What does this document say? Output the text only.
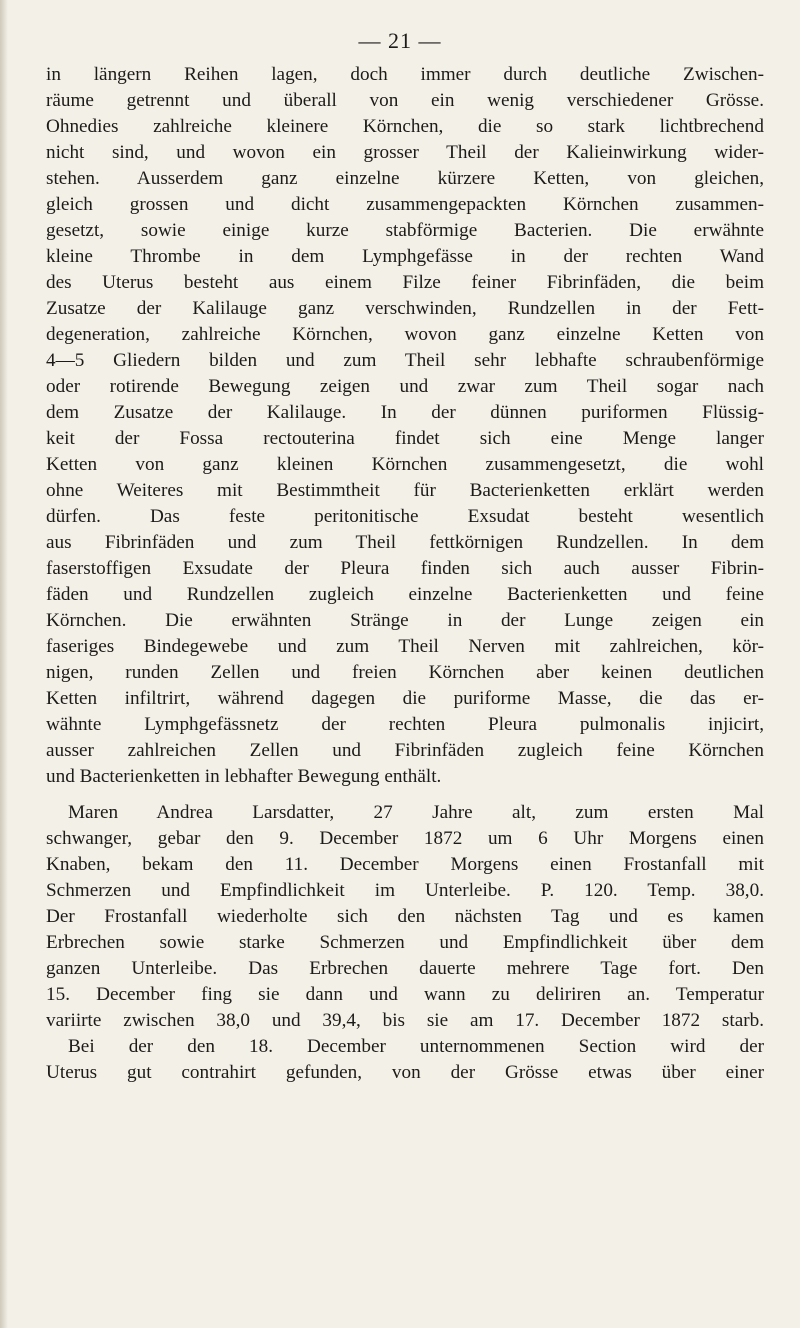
— 21 —
in längern Reihen lagen, doch immer durch deutliche Zwischen-
räume getrennt und überall von ein wenig verschiedener Grösse.
Ohnedies zahlreiche kleinere Körnchen, die so stark lichtbrechend
nicht sind, und wovon ein grosser Theil der Kalieinwirkung wider-
stehen. Ausserdem ganz einzelne kürzere Ketten, von gleichen,
gleich grossen und dicht zusammengepackten Körnchen zusammen-
gesetzt, sowie einige kurze stabförmige Bacterien. Die erwähnte
kleine Thrombe in dem Lymphgefässe in der rechten Wand
des Uterus besteht aus einem Filze feiner Fibrinfäden, die beim
Zusatze der Kalilauge ganz verschwinden, Rundzellen in der Fett-
degeneration, zahlreiche Körnchen, wovon ganz einzelne Ketten von
4—5 Gliedern bilden und zum Theil sehr lebhafte schraubenförmige
oder rotirende Bewegung zeigen und zwar zum Theil sogar nach
dem Zusatze der Kalilauge. In der dünnen puriformen Flüssig-
keit der Fossa rectouterina findet sich eine Menge langer
Ketten von ganz kleinen Körnchen zusammengesetzt, die wohl
ohne Weiteres mit Bestimmtheit für Bacterienketten erklärt werden
dürfen. Das feste peritonitische Exsudat besteht wesentlich
aus Fibrinfäden und zum Theil fettkörnigen Rundzellen. In dem
faserstoffigen Exsudate der Pleura finden sich auch ausser Fibrin-
fäden und Rundzellen zugleich einzelne Bacterienketten und feine
Körnchen. Die erwähnten Stränge in der Lunge zeigen ein
faseriges Bindegewebe und zum Theil Nerven mit zahlreichen, kör-
nigen, runden Zellen und freien Körnchen aber keinen deutlichen
Ketten infiltrirt, während dagegen die puriforme Masse, die das er-
wähnte Lymphgefässnetz der rechten Pleura pulmonalis injicirt,
ausser zahlreichen Zellen und Fibrinfäden zugleich feine Körnchen
und Bacterienketten in lebhafter Bewegung enthält.
Maren Andrea Larsdatter, 27 Jahre alt, zum ersten Mal
schwanger, gebar den 9. December 1872 um 6 Uhr Morgens einen
Knaben, bekam den 11. December Morgens einen Frostanfall mit
Schmerzen und Empfindlichkeit im Unterleibe. P. 120. Temp. 38,0.
Der Frostanfall wiederholte sich den nächsten Tag und es kamen
Erbrechen sowie starke Schmerzen und Empfindlichkeit über dem
ganzen Unterleibe. Das Erbrechen dauerte mehrere Tage fort. Den
15. December fing sie dann und wann zu deliriren an. Temperatur
variirte zwischen 38,0 und 39,4, bis sie am 17. December 1872 starb.
Bei der den 18. December unternommenen Section wird der
Uterus gut contrahirt gefunden, von der Grösse etwas über einer
